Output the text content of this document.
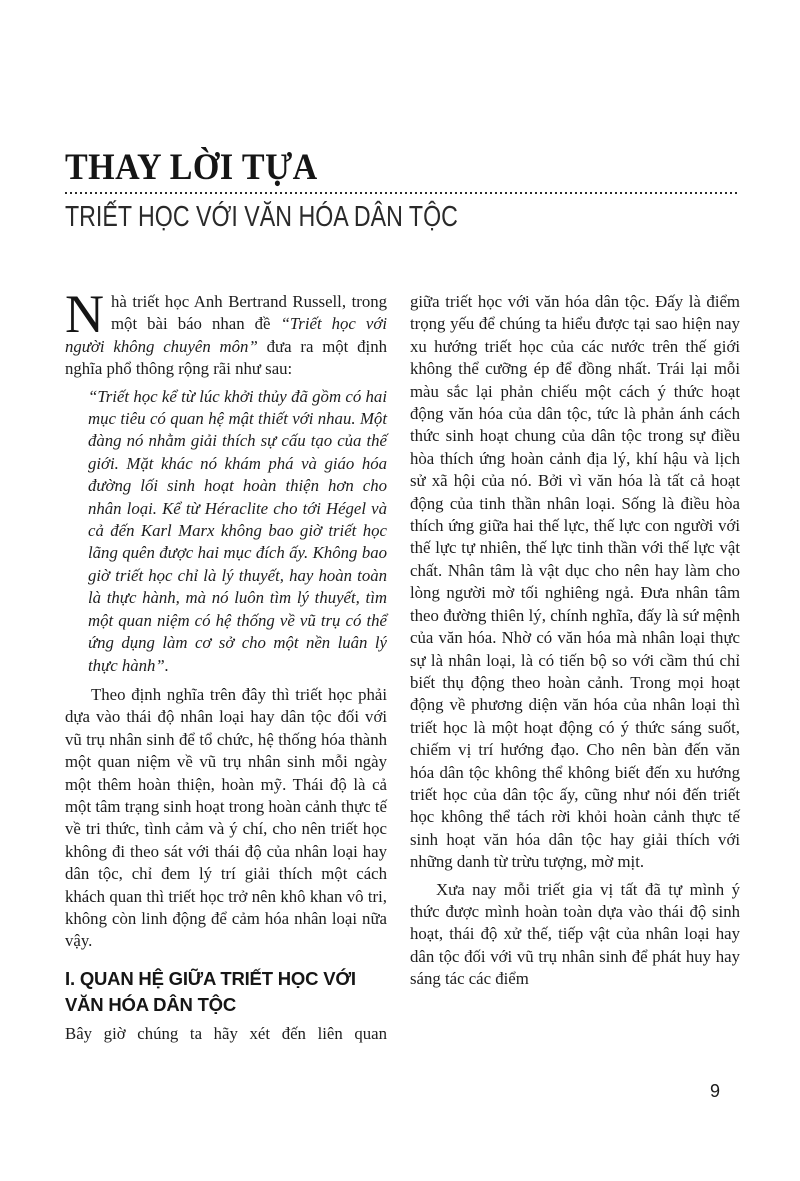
THAY LỜI TỰA
TRIẾT HỌC VỚI VĂN HÓA DÂN TỘC

Nhà triết học Anh Bertrand Russell, trong một bài báo nhan đề “Triết học với người không chuyên môn” đưa ra một định nghĩa phổ thông rộng rãi như sau:

“Triết học kể từ lúc khởi thủy đã gồm có hai mục tiêu có quan hệ mật thiết với nhau. Một đàng nó nhằm giải thích sự cấu tạo của thế giới. Mặt khác nó khám phá và giáo hóa đường lối sinh hoạt hoàn thiện hơn cho nhân loại. Kể từ Héraclite cho tới Hégel và cả đến Karl Marx không bao giờ triết học lãng quên được hai mục đích ấy. Không bao giờ triết học chỉ là lý thuyết, hay hoàn toàn là thực hành, mà nó luôn tìm lý thuyết, tìm một quan niệm có hệ thống về vũ trụ có thể ứng dụng làm cơ sở cho một nền luân lý thực hành”.

Theo định nghĩa trên đây thì triết học phải dựa vào thái độ nhân loại hay dân tộc đối với vũ trụ nhân sinh để tổ chức, hệ thống hóa thành một quan niệm về vũ trụ nhân sinh mỗi ngày một thêm hoàn thiện, hoàn mỹ. Thái độ là cả một tâm trạng sinh hoạt trong hoàn cảnh thực tế về tri thức, tình cảm và ý chí, cho nên triết học không đi theo sát với thái độ của nhân loại hay dân tộc, chỉ đem lý trí giải thích một cách khách quan thì triết học trở nên khô khan vô tri, không còn linh động để cảm hóa nhân loại nữa vậy.

I. QUAN HỆ GIỮA TRIẾT HỌC VỚI VĂN HÓA DÂN TỘC

Bây giờ chúng ta hãy xét đến liên quan

giữa triết học với văn hóa dân tộc. Đấy là điểm trọng yếu để chúng ta hiểu được tại sao hiện nay xu hướng triết học của các nước trên thế giới không thể cưỡng ép để đồng nhất. Trái lại mỗi màu sắc lại phản chiếu một cách ý thức hoạt động văn hóa của dân tộc, tức là phản ánh cách thức sinh hoạt chung của dân tộc trong sự điều hòa thích ứng hoàn cảnh địa lý, khí hậu và lịch sử xã hội của nó. Bởi vì văn hóa là tất cả hoạt động của tinh thần nhân loại. Sống là điều hòa thích ứng giữa hai thế lực, thế lực con người với thế lực tự nhiên, thế lực tinh thần với thế lực vật chất. Nhân tâm là vật dục cho nên hay làm cho lòng người mờ tối nghiêng ngả. Đưa nhân tâm theo đường thiên lý, chính nghĩa, đấy là sứ mệnh của văn hóa. Nhờ có văn hóa mà nhân loại thực sự là nhân loại, là có tiến bộ so với cầm thú chỉ biết thụ động theo hoàn cảnh. Trong mọi hoạt động về phương diện văn hóa của nhân loại thì triết học là một hoạt động có ý thức sáng suốt, chiếm vị trí hướng đạo. Cho nên bàn đến văn hóa dân tộc không thể không biết đến xu hướng triết học của dân tộc ấy, cũng như nói đến triết học không thể tách rời khỏi hoàn cảnh thực tế sinh hoạt văn hóa dân tộc hay giải thích với những danh từ trừu tượng, mờ mịt.

Xưa nay mỗi triết gia vị tất đã tự mình ý thức được mình hoàn toàn dựa vào thái độ sinh hoạt, thái độ xử thế, tiếp vật của nhân loại hay dân tộc đối với vũ trụ nhân sinh để phát huy hay sáng tác các điểm

9
